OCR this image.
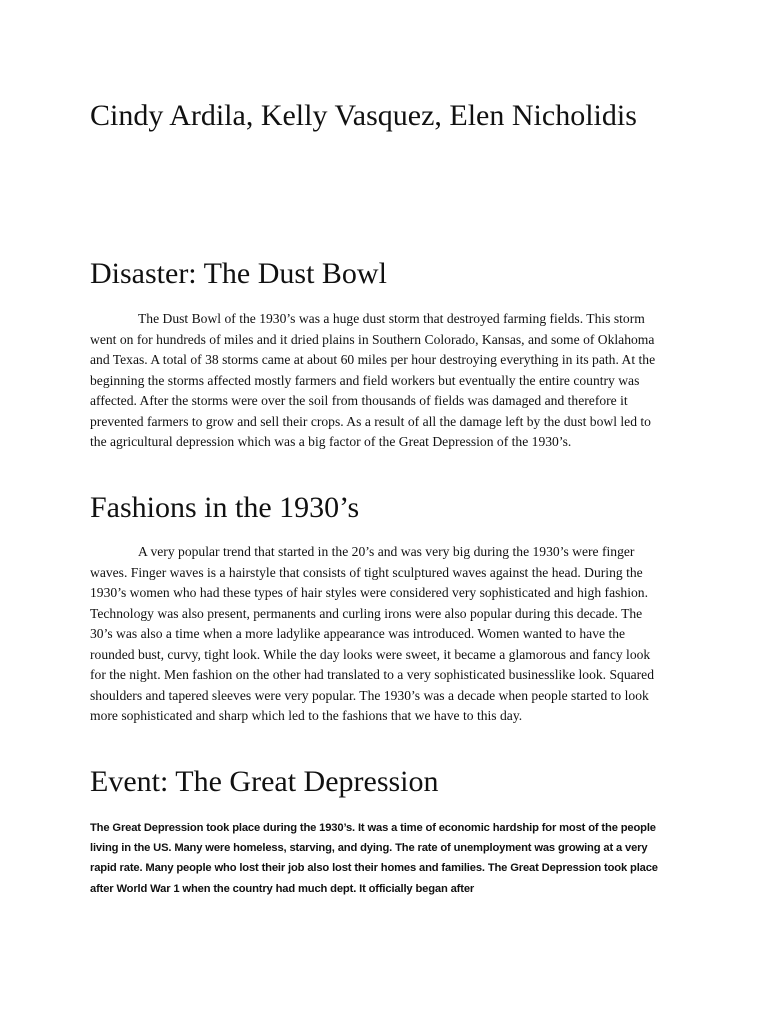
Cindy Ardila, Kelly Vasquez, Elen Nicholidis
Disaster: The Dust Bowl

The Dust Bowl of the 1930’s was a huge dust storm that destroyed farming fields. This storm went on for hundreds of miles and it dried plains in Southern Colorado, Kansas, and some of Oklahoma and Texas. A total of 38 storms came at about 60 miles per hour destroying everything in its path. At the beginning the storms affected mostly farmers and field workers but eventually the entire country was affected. After the storms were over the soil from thousands of fields was damaged and therefore it prevented farmers to grow and sell their crops. As a result of all the damage left by the dust bowl led to the agricultural depression which was a big factor of the Great Depression of the 1930’s.

Fashions in the 1930’s

A very popular trend that started in the 20’s and was very big during the 1930’s were finger waves. Finger waves is a hairstyle that consists of tight sculptured waves against the head. During the 1930’s women who had these types of hair styles were considered very sophisticated and high fashion. Technology was also present, permanents and curling irons were also popular during this decade. The 30’s was also a time when a more ladylike appearance was introduced. Women wanted to have the rounded bust, curvy, tight look. While the day looks were sweet, it became a glamorous and fancy look for the night. Men fashion on the other had translated to a very sophisticated businesslike look. Squared shoulders and tapered sleeves were very popular. The 1930’s was a decade when people started to look more sophisticated and sharp which led to the fashions that we have to this day.

Event: The Great Depression

The Great Depression took place during the 1930’s. It was a time of economic hardship for most of the people living in the US. Many were homeless, starving, and dying. The rate of unemployment was growing at a very rapid rate. Many people who lost their job also lost their homes and families. The Great Depression took place after World War 1 when the country had much dept. It officially began after
